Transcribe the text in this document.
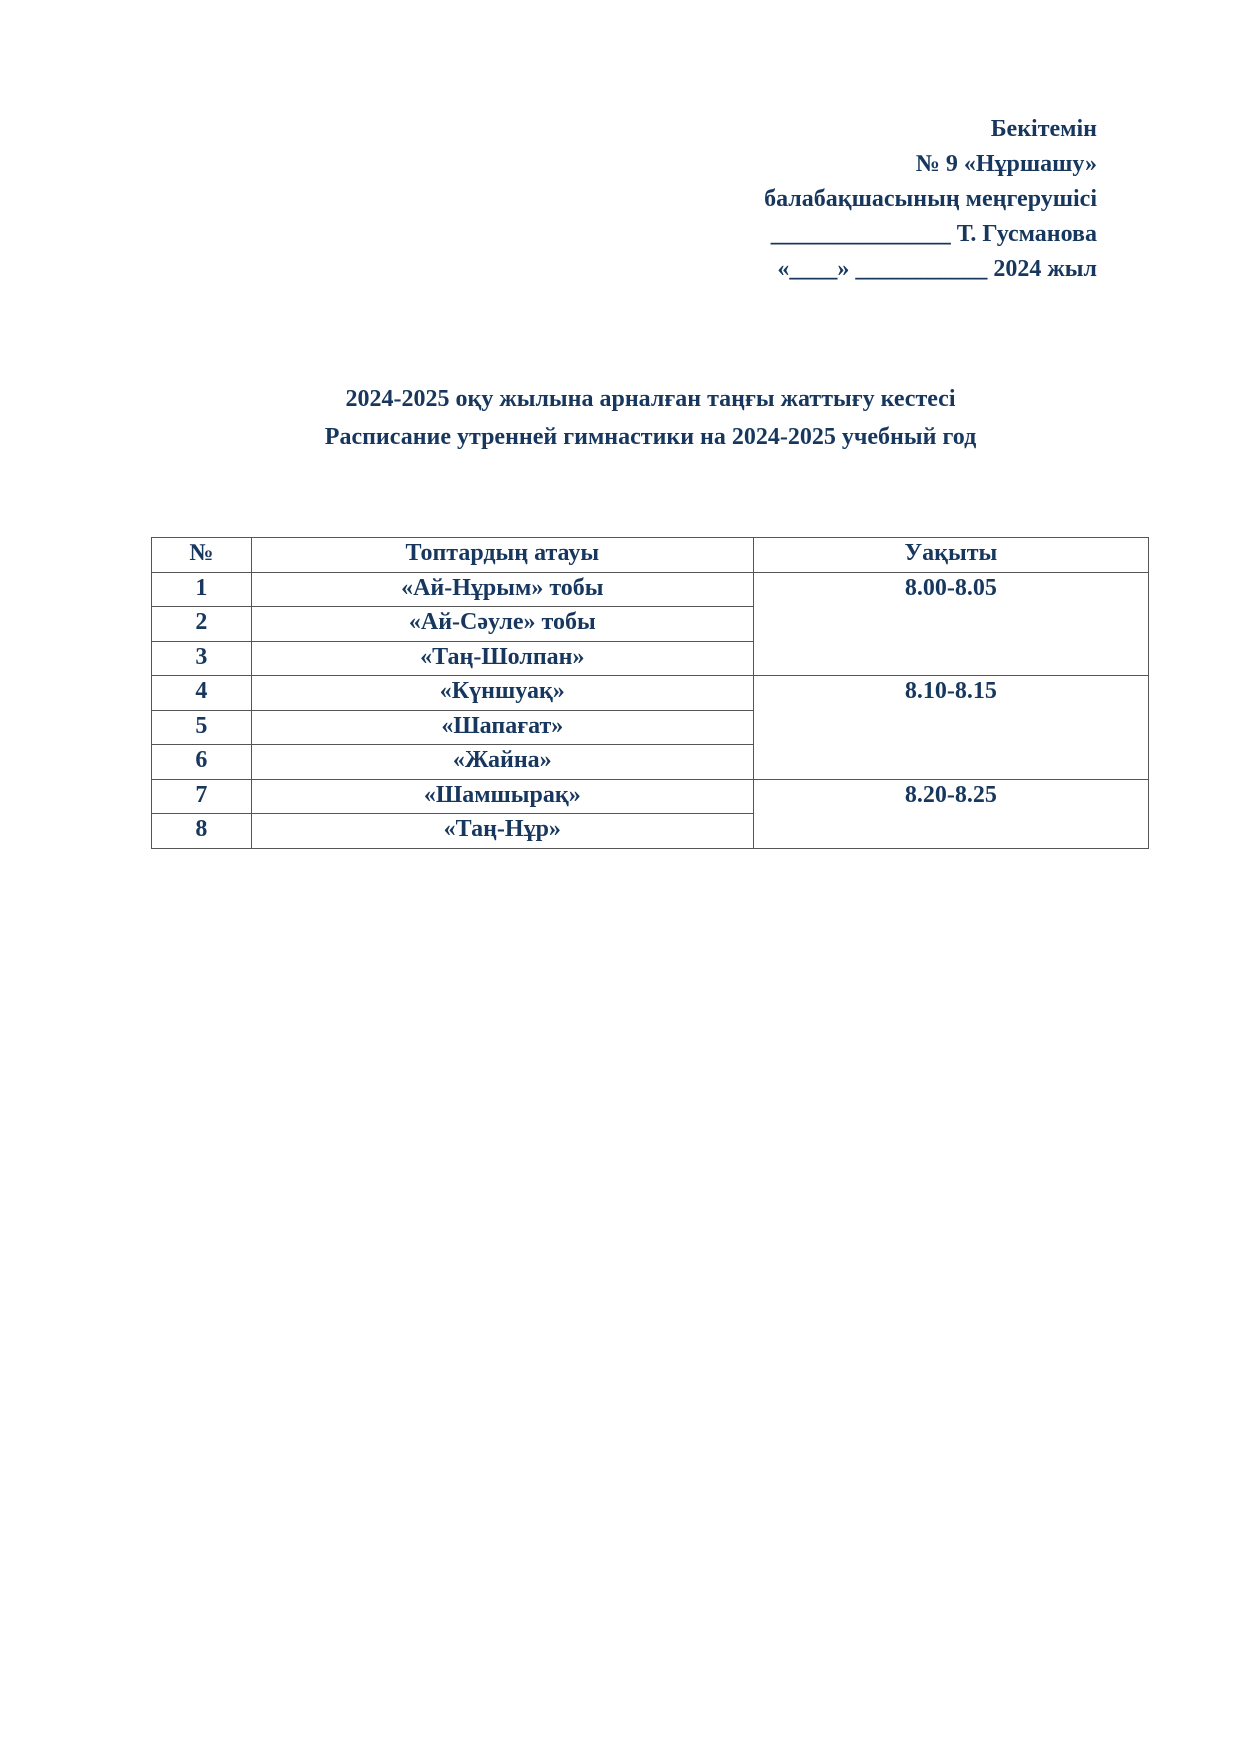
Бекітемін
№ 9 «Нұршашу»
балабақшасының меңгерушісі
_______________ Т. Гусманова
«____» ___________ 2024 жыл
2024-2025 оқу жылына арналған таңғы жаттығу кестесі
Расписание утренней гимнастики на 2024-2025 учебный год
№	Топтардың атауы	Уақыты
1	«Ай-Нұрым» тобы	8.00-8.05
2	«Ай-Сәуле» тобы	
3	«Таң-Шолпан»	
4	«Күншуақ»	8.10-8.15
5	«Шапағат»	
6	«Жайна»	
7	«Шамшырақ»	8.20-8.25
8	«Таң-Нұр»	
